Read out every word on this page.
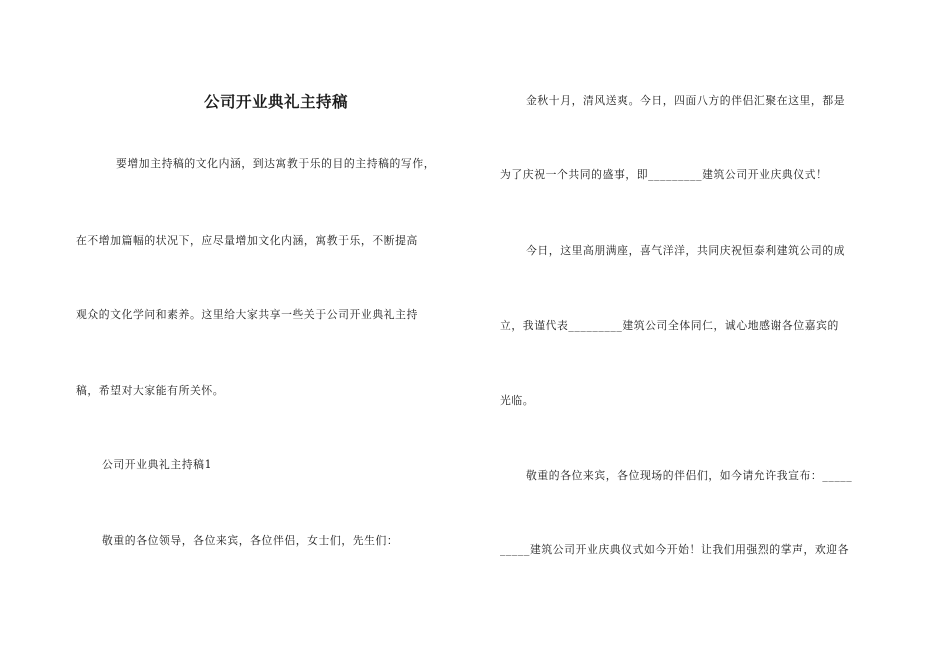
公司开业典礼主持稿
要增加主持稿的文化内涵，到达寓教于乐的目的主持稿的写作，
在不增加篇幅的状况下，应尽量增加文化内涵，寓教于乐，不断提高
观众的文化学问和素养。这里给大家共享一些关于公司开业典礼主持
稿，希望对大家能有所关怀。
公司开业典礼主持稿1
敬重的各位领导，各位来宾，各位伴侣，女士们，先生们：
金秋十月，清风送爽。今日，四面八方的伴侣汇聚在这里，都是
为了庆祝一个共同的盛事，即_________建筑公司开业庆典仪式！
今日，这里高朋满座，喜气洋洋，共同庆祝恒泰利建筑公司的成
立，我谨代表_________建筑公司全体同仁，诚心地感谢各位嘉宾的
光临。
敬重的各位来宾，各位现场的伴侣们，如今请允许我宣布：_____
_____建筑公司开业庆典仪式如今开始！让我们用强烈的掌声，欢迎各
